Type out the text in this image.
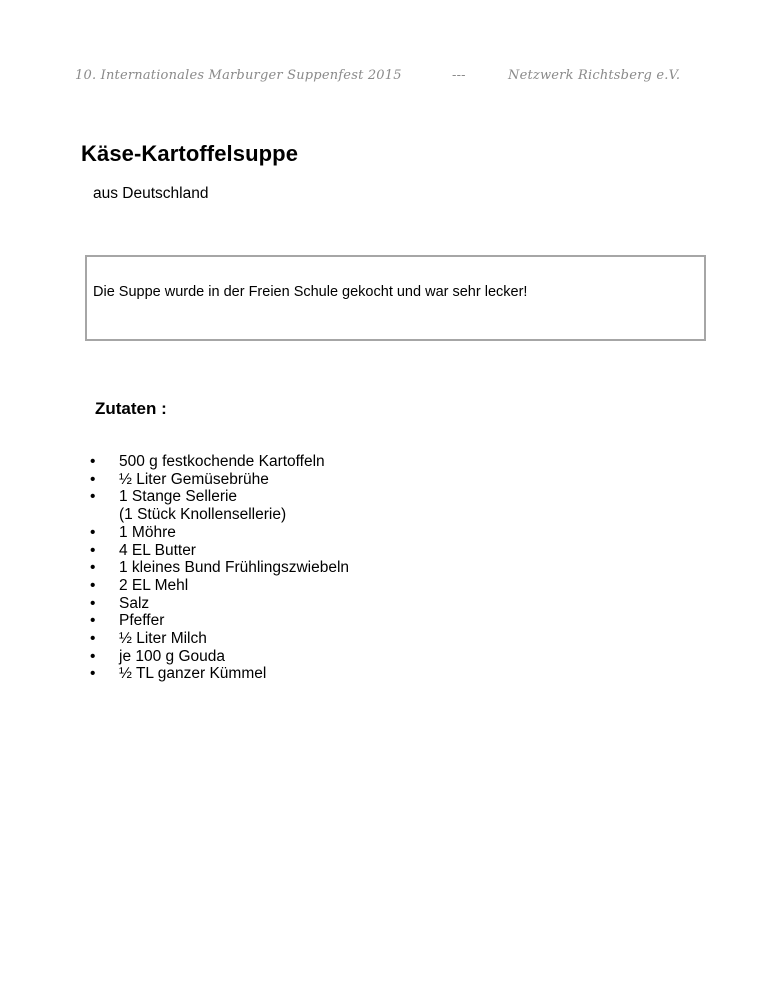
10. Internationales Marburger Suppenfest 2015	---	Netzwerk Richtsberg e.V.
Käse-Kartoffelsuppe
aus Deutschland
Die Suppe wurde in der Freien Schule gekocht und war sehr lecker!
Zutaten :
• 500 g festkochende Kartoffeln
• ½ Liter Gemüsebrühe
• 1 Stange Sellerie
(1 Stück Knollensellerie)
• 1 Möhre
• 4 EL Butter
• 1 kleines Bund Frühlingszwiebeln
• 2 EL Mehl
• Salz
• Pfeffer
• ½ Liter Milch
• je 100 g Gouda
• ½ TL ganzer Kümmel
